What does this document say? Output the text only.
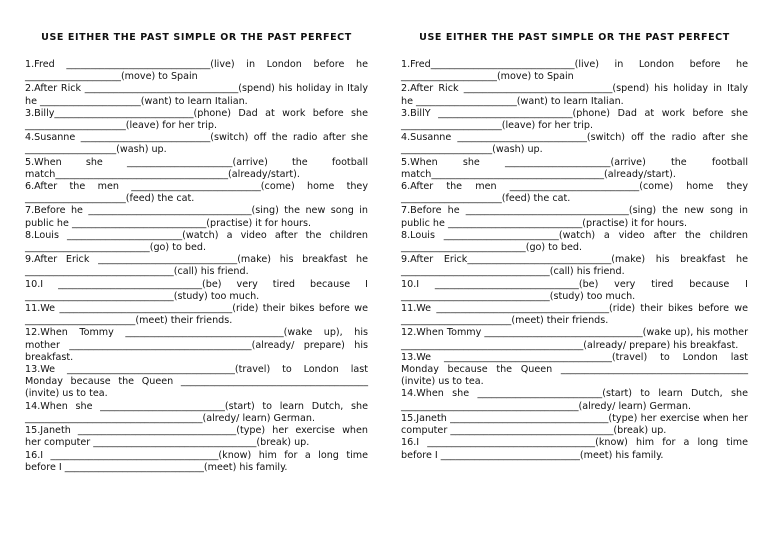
USE EITHER THE PAST SIMPLE OR THE PAST PERFECT

1.Fred ______________________________(live) in London before he ____________________(move) to Spain

2.After Rick ________________________________(spend) his holiday in Italy he _____________________(want) to learn Italian.

3.Billy_____________________________(phone) Dad at work before she _____________________(leave) for her trip.

4.Susanne ___________________________(switch) off the radio after she ___________________(wash) up.

5.When she ______________________(arrive) the football match____________________________________(already/start).

6.After the men ___________________________(come) home they _____________________(feed) the cat.

7.Before he __________________________________(sing) the new song in public he ____________________________(practise) it for hours.

8.Louis ________________________(watch) a video after the children __________________________(go) to bed.

9.After Erick _____________________________(make) his breakfast he _______________________________(call) his friend.

10.I ______________________________(be) very tired because I _______________________________(study) too much.

11.We ____________________________________(ride) their bikes before we _______________________(meet) their friends.

12.When Tommy _________________________________(wake up), his mother ______________________________________(already/ prepare) his breakfast.

13.We ___________________________________(travel) to London last Monday because the Queen _______________________________________ (invite) us to tea.

14.When she __________________________(start) to learn Dutch, she _____________________________________(alredy/ learn) German.

15.Janeth _________________________________(type) her exercise when her computer __________________________________(break) up.

16.I ___________________________________(know) him for a long time before I _____________________________(meet) his family.

USE EITHER THE PAST SIMPLE OR THE PAST PERFECT

1.Fred______________________________(live) in London before he ____________________(move) to Spain

2.After Rick _______________________________(spend) his holiday in Italy he _____________________(want) to learn Italian.

3.BillY ____________________________(phone) Dad at work before she _____________________(leave) for her trip.

4.Susanne ___________________________(switch) off the radio after she ___________________(wash) up.

5.When she ______________________(arrive) the football match____________________________________(already/start).

6.After the men ___________________________(come) home they _____________________(feed) the cat.

7.Before he __________________________________(sing) the new song in public he ____________________________(practise) it for hours.

8.Louis ________________________(watch) a video after the children __________________________(go) to bed.

9.After Erick______________________________(make) his breakfast he _______________________________(call) his friend.

10.I ______________________________(be) very tired because I _______________________________(study) too much.

11.We ____________________________________(ride) their bikes before we _______________________(meet) their friends.

12.When Tommy _________________________________(wake up), his mother ______________________________________(already/ prepare) his breakfast.

13.We ___________________________________(travel) to London last Monday because the Queen _______________________________________ (invite) us to tea.

14.When she __________________________(start) to learn Dutch, she _____________________________________(alredy/ learn) German.

15.Janeth _________________________________(type) her exercise when her computer __________________________________(break) up.

16.I ___________________________________(know) him for a long time before I _____________________________(meet) his family.
